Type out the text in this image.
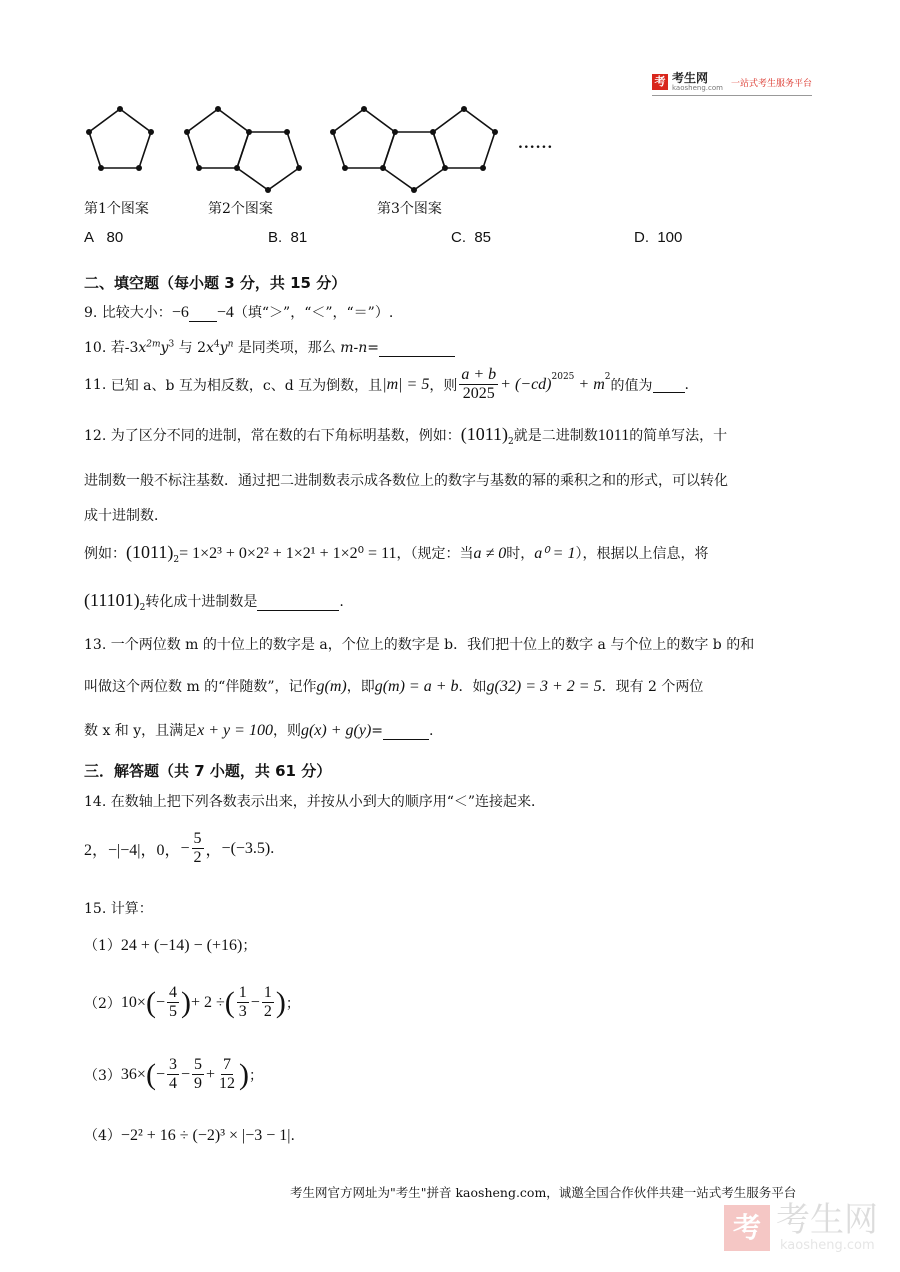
考 考生网
kaosheng.com 一站式考生服务平台
......
第1个图案	第2个图案	第3个图案
A 80	B. 81	C. 85	D. 100
二、填空题（每小题 3 分，共 15 分）
9. 比较大小：−6 −4（填“＞”，“＜”，“＝”）.
10. 若$-3x^{2m}y^3$ 与 $2x^4y^n$ 是同类项，那么 m-n=
11.
已知 a、b 互为相反数，c、d 互为倒数，且 |m| = 5 ，则 $\frac{a + b}{2025} + (-cd)^{2025} + m^2$
的值为
.
12. 为了区分不同的进制，常在数的右下角标明基数，例如：$(1011)_2$就是二进制数1011的简单写法，十
进制数一般不标注基数．通过把二进制数表示成各数位上的数字与基数的幂的乘积之和的形式，可以转化
成十进制数．
例如：$(1011)_2= 1\times 2^3 + 0\times 2^2 + 1\times 2^1 + 1\times 2^0 = 11$，（规定：当a ≠ 0时，a⁰ = 1），根据以上信息，将
$(11101)_2$转化成十进制数是	.
13. 一个两位数 m 的十位上的数字是 a，个位上的数字是 b．我们把十位上的数字 a 与个位上的数字 b 的和
叫做这个两位数 m 的“伴随数”，记作g(m)，即g(m) = a + b．如g(32) = 3 + 2 = 5．现有 2 个两位
数 x 和 y，且满足x + y = 100，则g(x) + g(y)=	.
三．解答题（共 7 小题，共 61 分）
14. 在数轴上把下列各数表示出来，并按从小到大的顺序用“＜”连接起来．
2， −|−4|， 0， − $\frac{5}{2}$ ， −(−3.5) .
15. 计算：
（1）24 + (−14) − (+16)；
（2） 10× ( − $\frac{4}{5}$ ) + 2 ÷ ( $\frac{1}{3} - \frac{1}{2}$ ) ；
（3） 36× ( − $\frac{3}{4} - \frac{5}{9} + \frac{7}{12}$ ) ；
（4）−2² + 16 ÷ (−2)³ × |−3 − 1|.
考生网官方网址为"考生"拼音 kaosheng.com，诚邀全国合作伙伴共建一站式考生服务平台
考 考生网
kaosheng.com
